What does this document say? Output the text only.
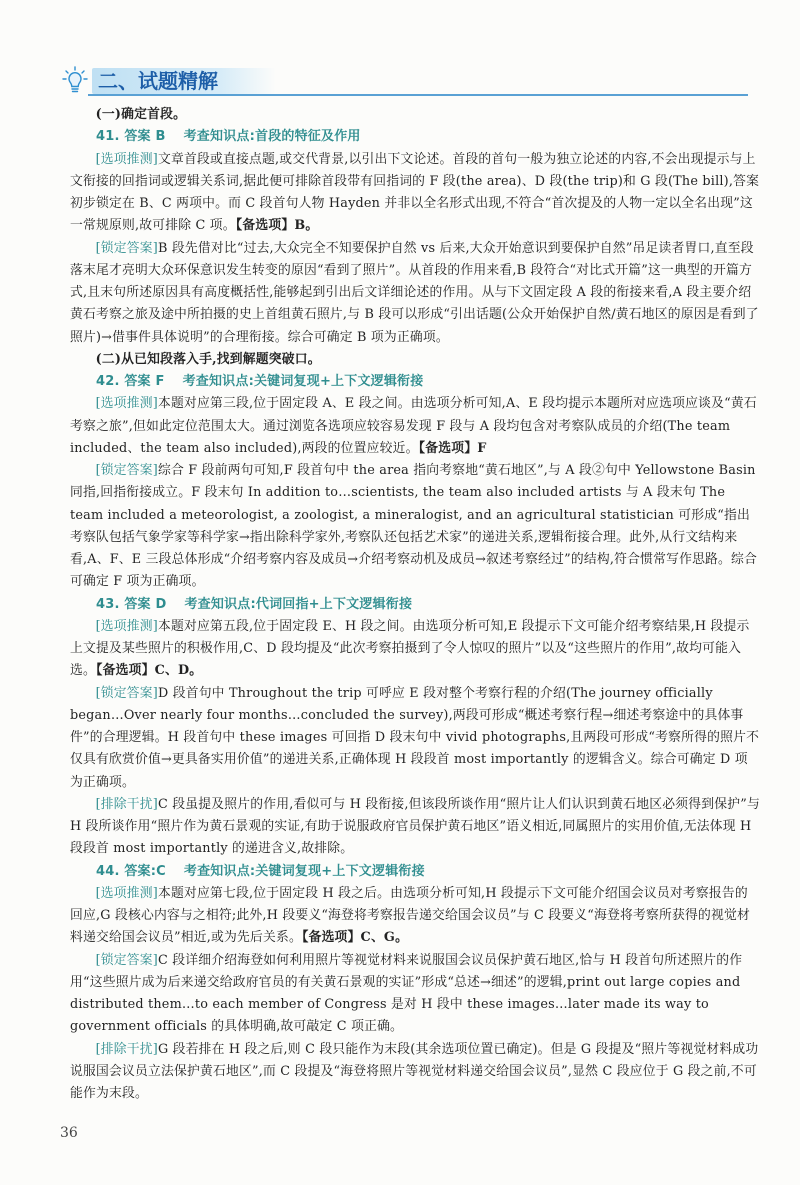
二、试题精解

(一)确定首段。

41. 答案 B 考查知识点:首段的特征及作用

[选项推测]文章首段或直接点题,或交代背景,以引出下文论述。首段的首句一般为独立论述的内容,不会出现提示与上文衔接的回指词或逻辑关系词,据此便可排除首段带有回指词的 F 段(the area)、D 段(the trip)和 G 段(The bill),答案初步锁定在 B、C 两项中。而 C 段首句人物 Hayden 并非以全名形式出现,不符合“首次提及的人物一定以全名出现”这一常规原则,故可排除 C 项。【备选项】B。

[锁定答案]B 段先借对比“过去,大众完全不知要保护自然 vs 后来,大众开始意识到要保护自然”吊足读者胃口,直至段落末尾才亮明大众环保意识发生转变的原因“看到了照片”。从首段的作用来看,B 段符合“对比式开篇”这一典型的开篇方式,且末句所述原因具有高度概括性,能够起到引出后文详细论述的作用。从与下文固定段 A 段的衔接来看,A 段主要介绍黄石考察之旅及途中所拍摄的史上首组黄石照片,与 B 段可以形成“引出话题(公众开始保护自然/黄石地区的原因是看到了照片)→借事件具体说明”的合理衔接。综合可确定 B 项为正确项。

(二)从已知段落入手,找到解题突破口。

42. 答案 F 考查知识点:关键词复现+上下文逻辑衔接

[选项推测]本题对应第三段,位于固定段 A、E 段之间。由选项分析可知,A、E 段均提示本题所对应选项应谈及“黄石考察之旅”,但如此定位范围太大。通过浏览各选项应较容易发现 F 段与 A 段均包含对考察队成员的介绍(The team included、the team also included),两段的位置应较近。【备选项】F

[锁定答案]综合 F 段前两句可知,F 段首句中 the area 指向考察地“黄石地区”,与 A 段②句中 Yellowstone Basin 同指,回指衔接成立。F 段末句 In addition to…scientists, the team also included artists 与 A 段末句 The team included a meteorologist, a zoologist, a mineralogist, and an agricultural statistician 可形成“指出考察队包括气象学家等科学家→指出除科学家外,考察队还包括艺术家”的递进关系,逻辑衔接合理。此外,从行文结构来看,A、F、E 三段总体形成“介绍考察内容及成员→介绍考察动机及成员→叙述考察经过”的结构,符合惯常写作思路。综合可确定 F 项为正确项。

43. 答案 D 考查知识点:代词回指+上下文逻辑衔接

[选项推测]本题对应第五段,位于固定段 E、H 段之间。由选项分析可知,E 段提示下文可能介绍考察结果,H 段提示上文提及某些照片的积极作用,C、D 段均提及“此次考察拍摄到了令人惊叹的照片”以及“这些照片的作用”,故均可能入选。【备选项】C、D。

[锁定答案]D 段首句中 Throughout the trip 可呼应 E 段对整个考察行程的介绍(The journey officially began…Over nearly four months…concluded the survey),两段可形成“概述考察行程→细述考察途中的具体事件”的合理逻辑。H 段首句中 these images 可回指 D 段末句中 vivid photographs,且两段可形成“考察所得的照片不仅具有欣赏价值→更具备实用价值”的递进关系,正确体现 H 段段首 most importantly 的逻辑含义。综合可确定 D 项为正确项。

[排除干扰]C 段虽提及照片的作用,看似可与 H 段衔接,但该段所谈作用“照片让人们认识到黄石地区必须得到保护”与 H 段所谈作用“照片作为黄石景观的实证,有助于说服政府官员保护黄石地区”语义相近,同属照片的实用价值,无法体现 H 段段首 most importantly 的递进含义,故排除。

44. 答案:C 考查知识点:关键词复现+上下文逻辑衔接

[选项推测]本题对应第七段,位于固定段 H 段之后。由选项分析可知,H 段提示下文可能介绍国会议员对考察报告的回应,G 段核心内容与之相符;此外,H 段要义“海登将考察报告递交给国会议员”与 C 段要义“海登将考察所获得的视觉材料递交给国会议员”相近,或为先后关系。【备选项】C、G。

[锁定答案]C 段详细介绍海登如何利用照片等视觉材料来说服国会议员保护黄石地区,恰与 H 段首句所述照片的作用“这些照片成为后来递交给政府官员的有关黄石景观的实证”形成“总述→细述”的逻辑,print out large copies and distributed them…to each member of Congress 是对 H 段中 these images…later made its way to government officials 的具体明确,故可敲定 C 项正确。

[排除干扰]G 段若排在 H 段之后,则 C 段只能作为末段(其余选项位置已确定)。但是 G 段提及“照片等视觉材料成功说服国会议员立法保护黄石地区”,而 C 段提及“海登将照片等视觉材料递交给国会议员”,显然 C 段应位于 G 段之前,不可能作为末段。

36
